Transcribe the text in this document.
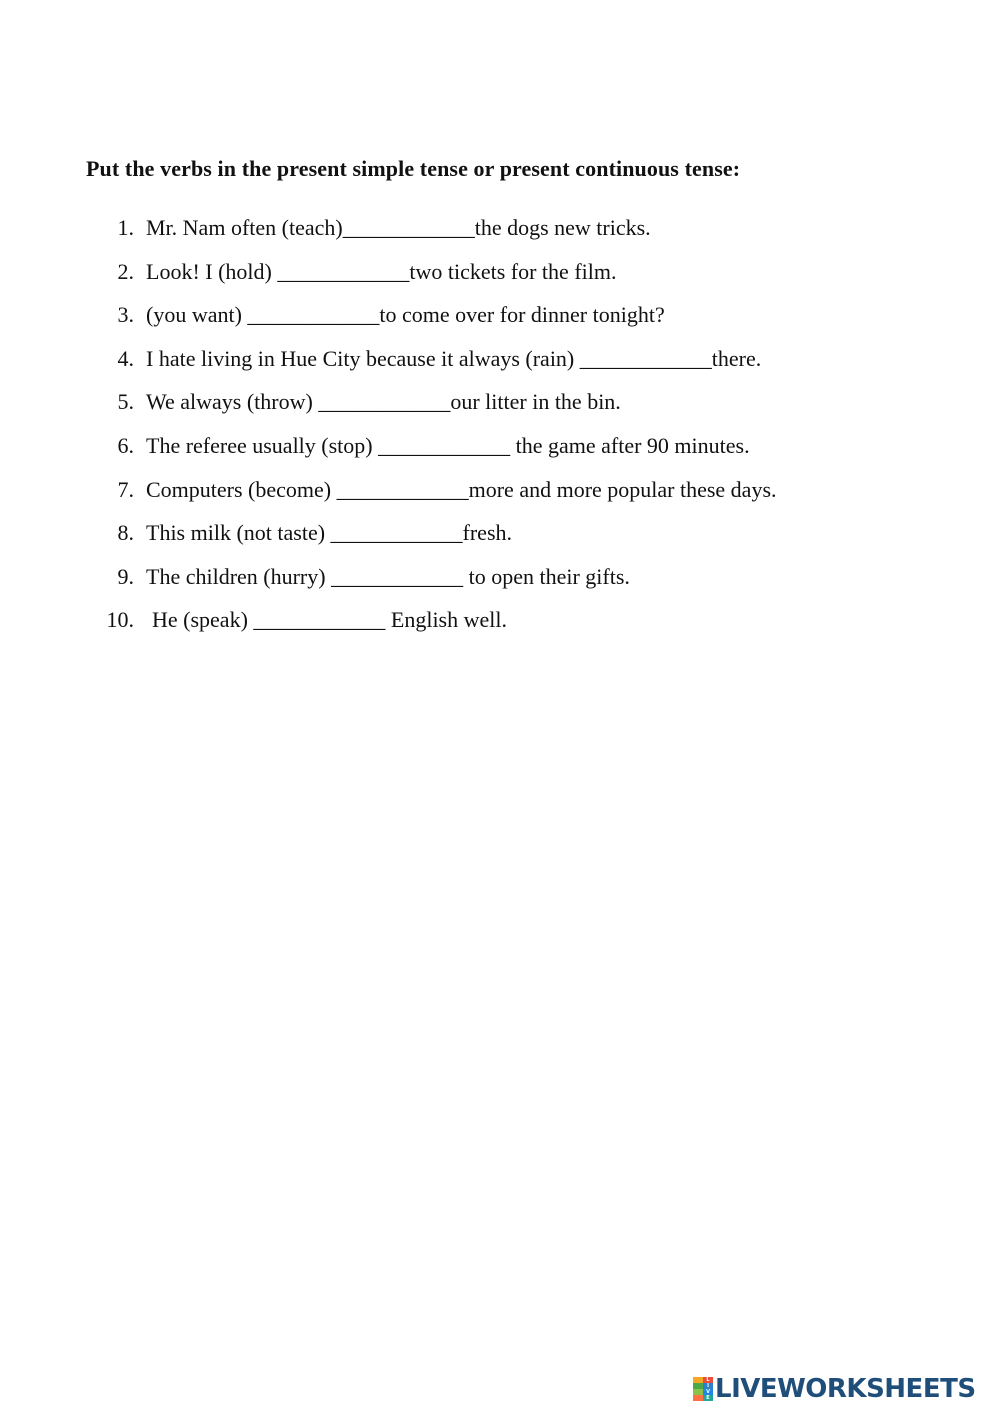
Put the verbs in the present simple tense or present continuous tense:
1. Mr. Nam often (teach)____________the dogs new tricks.
2. Look! I (hold) ____________two tickets for the film.
3. (you want) ____________to come over for dinner tonight?
4. I hate living in Hue City because it always (rain) ____________there.
5. We always (throw) ____________our litter in the bin.
6. The referee usually (stop) ____________ the game after 90 minutes.
7. Computers (become) ____________more and more popular these days.
8. This milk (not taste) ____________fresh.
9. The children (hurry) ____________ to open their gifts.
10. He (speak) ____________ English well.
L
I
V
E LIVEWORKSHEETS
